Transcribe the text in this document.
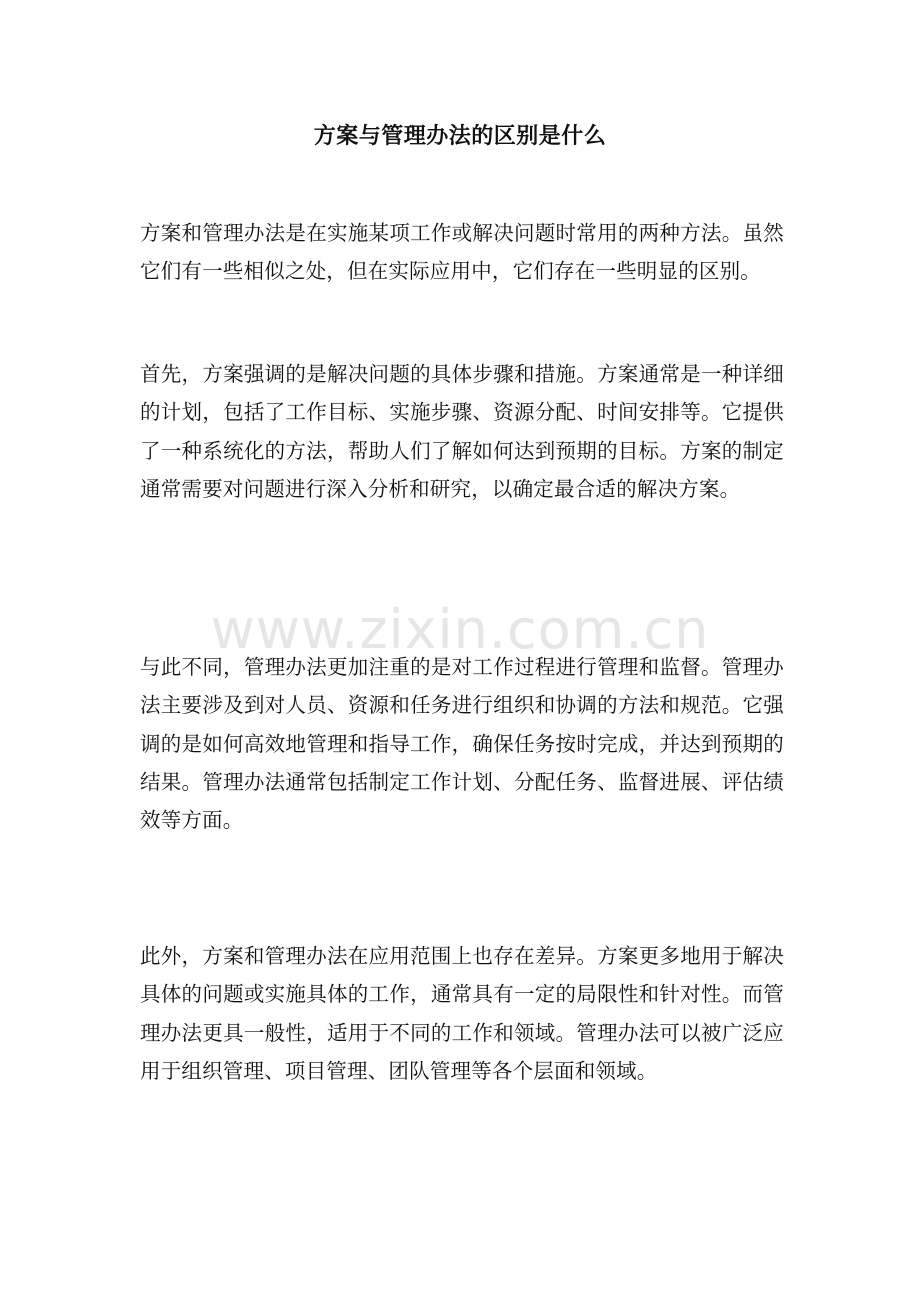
www.zixin.com.cn
方案与管理办法的区别是什么

方案和管理办法是在实施某项工作或解决问题时常用的两种方法。虽然它们有一些相似之处，但在实际应用中，它们存在一些明显的区别。

首先，方案强调的是解决问题的具体步骤和措施。方案通常是一种详细的计划，包括了工作目标、实施步骤、资源分配、时间安排等。它提供了一种系统化的方法，帮助人们了解如何达到预期的目标。方案的制定通常需要对问题进行深入分析和研究，以确定最合适的解决方案。

与此不同，管理办法更加注重的是对工作过程进行管理和监督。管理办法主要涉及到对人员、资源和任务进行组织和协调的方法和规范。它强调的是如何高效地管理和指导工作，确保任务按时完成，并达到预期的结果。管理办法通常包括制定工作计划、分配任务、监督进展、评估绩效等方面。

此外，方案和管理办法在应用范围上也存在差异。方案更多地用于解决具体的问题或实施具体的工作，通常具有一定的局限性和针对性。而管理办法更具一般性，适用于不同的工作和领域。管理办法可以被广泛应用于组织管理、项目管理、团队管理等各个层面和领域。
